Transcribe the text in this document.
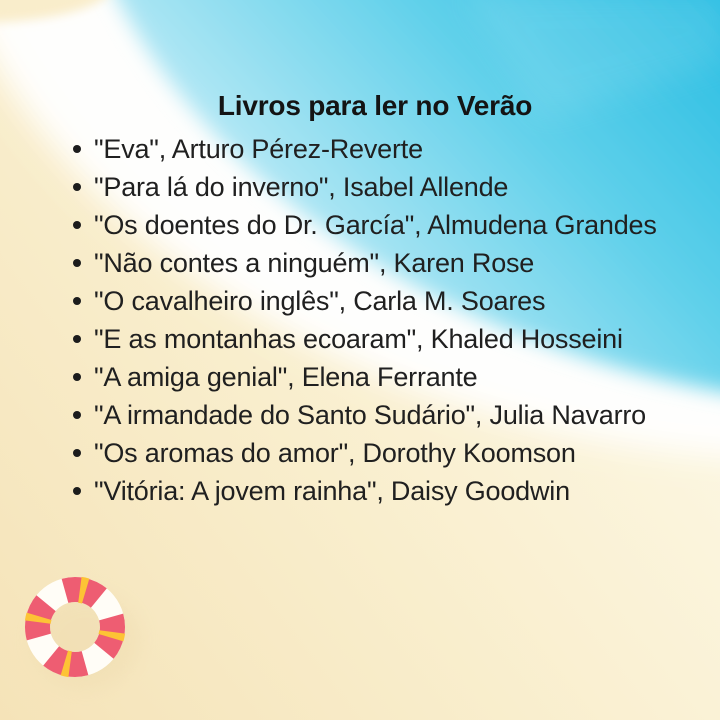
Livros para ler no Verão
"Eva", Arturo Pérez-Reverte
"Para lá do inverno", Isabel Allende
"Os doentes do Dr. García", Almudena Grandes
"Não contes a ninguém", Karen Rose
"O cavalheiro inglês", Carla M. Soares
"E as montanhas ecoaram", Khaled Hosseini
"A amiga genial", Elena Ferrante
"A irmandade do Santo Sudário", Julia Navarro
"Os aromas do amor", Dorothy Koomson
"Vitória: A jovem rainha", Daisy Goodwin
